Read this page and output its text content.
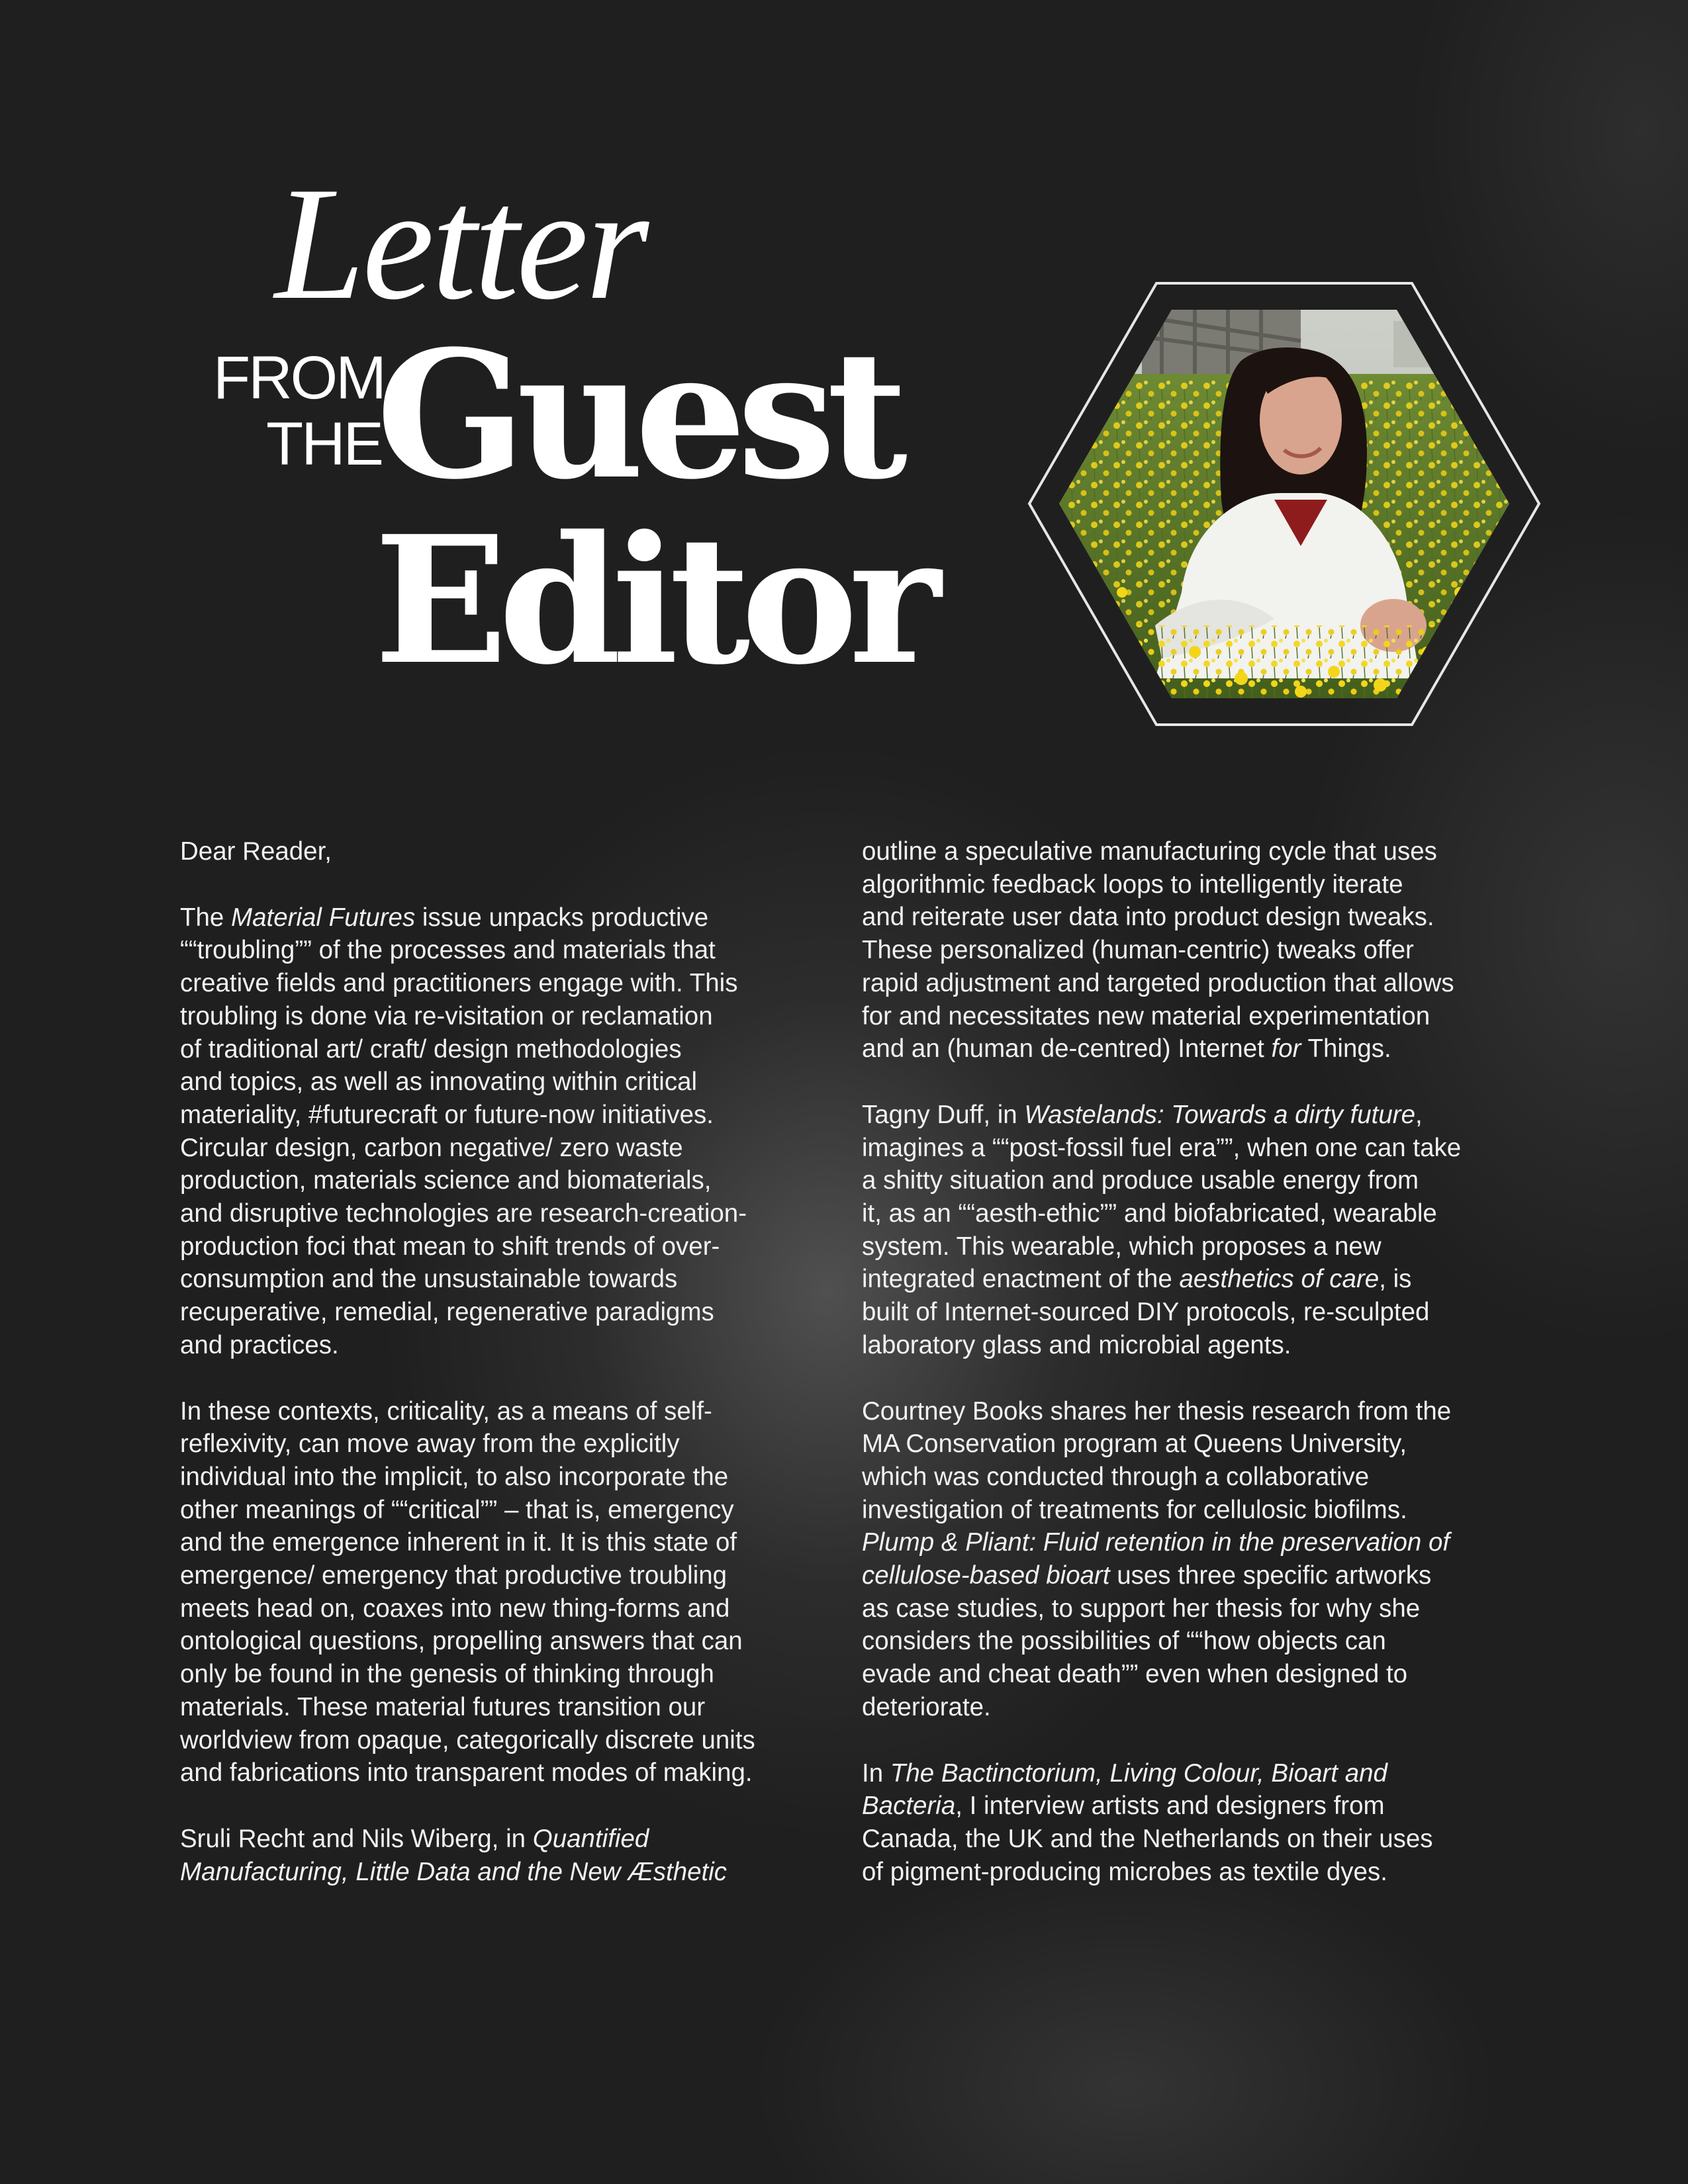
Letter
FROM
THE
Guest
Editor

Dear Reader,

The Material Futures issue unpacks productive
““troubling”” of the processes and materials that
creative fields and practitioners engage with. This
troubling is done via re-visitation or reclamation
of traditional art/ craft/ design methodologies
and topics, as well as innovating within critical
materiality, #futurecraft or future-now initiatives.
Circular design, carbon negative/ zero waste
production, materials science and biomaterials,
and disruptive technologies are research-creation-
production foci that mean to shift trends of over-
consumption and the unsustainable towards
recuperative, remedial, regenerative paradigms
and practices.

In these contexts, criticality, as a means of self-
reflexivity, can move away from the explicitly
individual into the implicit, to also incorporate the
other meanings of ““critical”” – that is, emergency
and the emergence inherent in it. It is this state of
emergence/ emergency that productive troubling
meets head on, coaxes into new thing-forms and
ontological questions, propelling answers that can
only be found in the genesis of thinking through
materials. These material futures transition our
worldview from opaque, categorically discrete units
and fabrications into transparent modes of making.

Sruli Recht and Nils Wiberg, in Quantified
Manufacturing, Little Data and the New Æsthetic

outline a speculative manufacturing cycle that uses
algorithmic feedback loops to intelligently iterate
and reiterate user data into product design tweaks.
These personalized (human-centric) tweaks offer
rapid adjustment and targeted production that allows
for and necessitates new material experimentation
and an (human de-centred) Internet for Things.

Tagny Duff, in Wastelands: Towards a dirty future,
imagines a ““post-fossil fuel era””, when one can take
a shitty situation and produce usable energy from
it, as an ““aesth-ethic”” and biofabricated, wearable
system. This wearable, which proposes a new
integrated enactment of the aesthetics of care, is
built of Internet-sourced DIY protocols, re-sculpted
laboratory glass and microbial agents.

Courtney Books shares her thesis research from the
MA Conservation program at Queens University,
which was conducted through a collaborative
investigation of treatments for cellulosic biofilms.
Plump & Pliant: Fluid retention in the preservation of
cellulose-based bioart uses three specific artworks
as case studies, to support her thesis for why she
considers the possibilities of ““how objects can
evade and cheat death”” even when designed to
deteriorate.

In The Bactinctorium, Living Colour, Bioart and
Bacteria, I interview artists and designers from
Canada, the UK and the Netherlands on their uses
of pigment-producing microbes as textile dyes.
